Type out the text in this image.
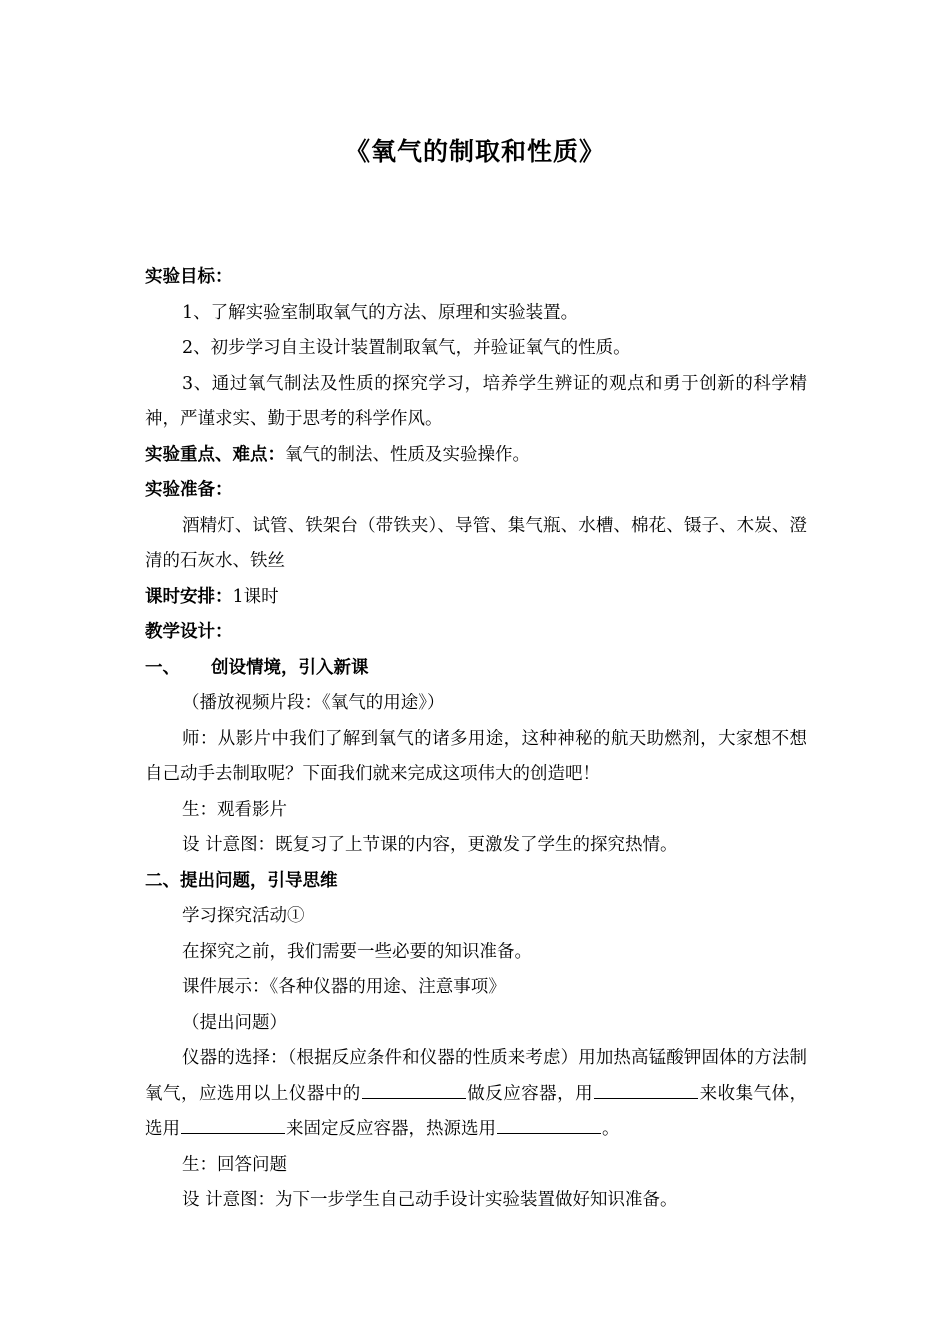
《氧气的制取和性质》
实验目标：
1、了解实验室制取氧气的方法、原理和实验装置。
2、初步学习自主设计装置制取氧气，并验证氧气的性质。
3、通过氧气制法及性质的探究学习，培养学生辨证的观点和勇于创新的科学精神，严谨求实、勤于思考的科学作风。
实验重点、难点：氧气的制法、性质及实验操作。
实验准备：
酒精灯、试管、铁架台（带铁夹）、导管、集气瓶、水槽、棉花、镊子、木炭、澄清的石灰水、铁丝
课时安排：1课时
教学设计：
一、 创设情境，引入新课
（播放视频片段：《氧气的用途》）
师：从影片中我们了解到氧气的诸多用途，这种神秘的航天助燃剂，大家想不想自己动手去制取呢？下面我们就来完成这项伟大的创造吧！
生：观看影片
设 计意图：既复习了上节课的内容，更激发了学生的探究热情。
二、提出问题，引导思维
学习探究活动①
在探究之前，我们需要一些必要的知识准备。
课件展示：《各种仪器的用途、注意事项》
（提出问题）
仪器的选择：（根据反应条件和仪器的性质来考虑）用加热高锰酸钾固体的方法制氧气，应选用以上仪器中的	做反应容器，用	来收集气体，选用	来固定反应容器，热源选用	。
生：回答问题
设 计意图：为下一步学生自己动手设计实验装置做好知识准备。
